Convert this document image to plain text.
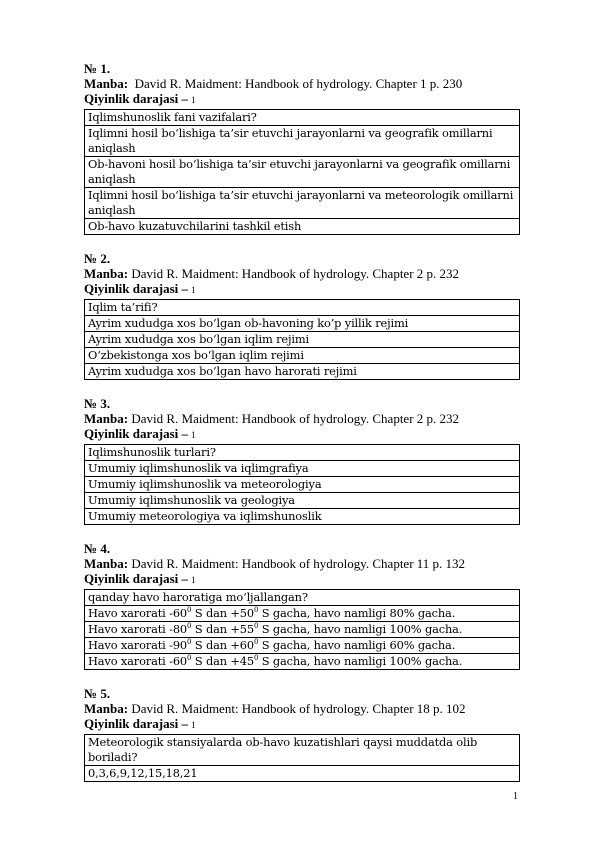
№ 1.
Manba:  David R. Maidment: Handbook of hydrology. Chapter 1 p. 230
Qiyinlik darajasi – 1
Iqlimshunoslik fani vazifalari?
Iqlimni hosil bo‘lishiga ta’sir etuvchi jarayonlarni va geografik omillarni aniqlash
Ob-havoni hosil bo‘lishiga ta’sir etuvchi jarayonlarni va geografik omillarni aniqlash
Iqlimni hosil bo‘lishiga ta’sir etuvchi jarayonlarni va meteorologik omillarni aniqlash
Ob-havo kuzatuvchilarini tashkil etish
№ 2.
Manba: David R. Maidment: Handbook of hydrology. Chapter 2 p. 232
Qiyinlik darajasi – 1
Iqlim ta’rifi?
Ayrim xududga xos bo‘lgan ob-havoning ko’p yillik rejimi
Ayrim xududga xos bo‘lgan iqlim rejimi
O‘zbekistonga xos bo‘lgan iqlim rejimi
Ayrim xududga xos bo‘lgan havo harorati rejimi
№ 3.
Manba: David R. Maidment: Handbook of hydrology. Chapter 2 p. 232
Qiyinlik darajasi – 1
Iqlimshunoslik turlari?
Umumiy iqlimshunoslik va iqlimgrafiya
Umumiy iqlimshunoslik va meteorologiya
Umumiy iqlimshunoslik va geologiya
Umumiy meteorologiya va iqlimshunoslik
№ 4.
Manba: David R. Maidment: Handbook of hydrology. Chapter 11 p. 132
Qiyinlik darajasi – 1
qanday havo haroratiga mo‘ljallangan?
Havo xarorati $-60^0$ S dan $+50^0$ S gacha, havo namligi 80% gacha.
Havo xarorati $-80^0$ S dan $+55^0$ S gacha, havo namligi 100% gacha.
Havo xarorati $-90^0$ S dan $+60^0$ S gacha, havo namligi 60% gacha.
Havo xarorati $-60^0$ S dan $+45^0$ S gacha, havo namligi 100% gacha.
№ 5.
Manba: David R. Maidment: Handbook of hydrology. Chapter 18 p. 102
Qiyinlik darajasi – 1
Meteorologik stansiyalarda ob-havo kuzatishlari qaysi muddatda olib boriladi?
0,3,6,9,12,15,18,21
1
